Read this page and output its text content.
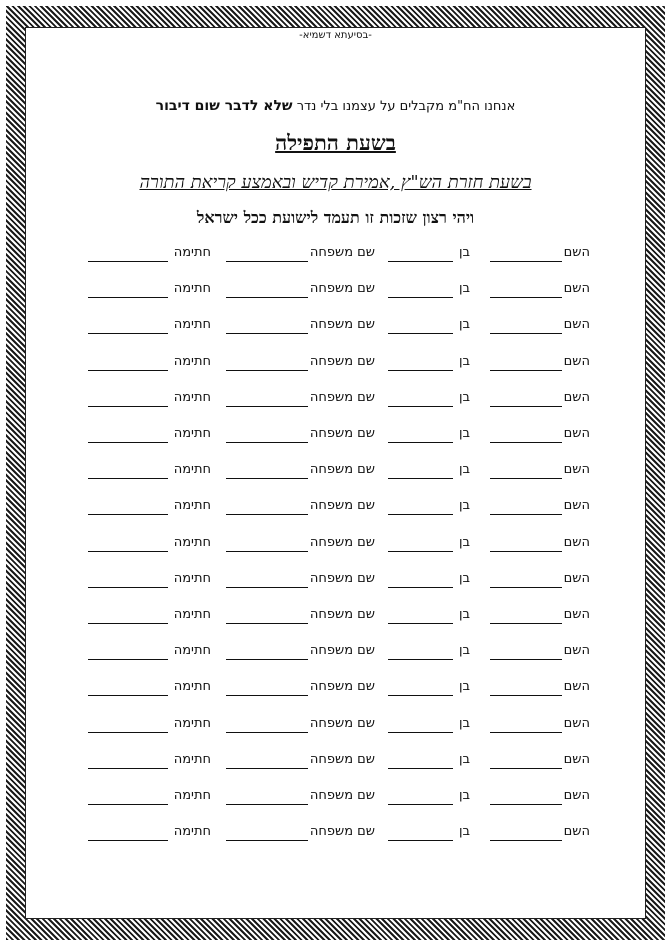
-בסיעתא דשמיא-
אנחנו הח"מ מקבלים על עצמנו בלי נדר שלא לדבר שום דיבור
בשעת התפילה
בשעת חזרת הש"ץ ,אמירת קדיש ובאמצע קריאת התורה
ויהי רצון שזכות זו תעמד לישועת ככל ישראל
השם
בן
שם משפחה
חתימה
השם
בן
שם משפחה
חתימה
השם
בן
שם משפחה
חתימה
השם
בן
שם משפחה
חתימה
השם
בן
שם משפחה
חתימה
השם
בן
שם משפחה
חתימה
השם
בן
שם משפחה
חתימה
השם
בן
שם משפחה
חתימה
השם
בן
שם משפחה
חתימה
השם
בן
שם משפחה
חתימה
השם
בן
שם משפחה
חתימה
השם
בן
שם משפחה
חתימה
השם
בן
שם משפחה
חתימה
השם
בן
שם משפחה
חתימה
השם
בן
שם משפחה
חתימה
השם
בן
שם משפחה
חתימה
השם
בן
שם משפחה
חתימה
